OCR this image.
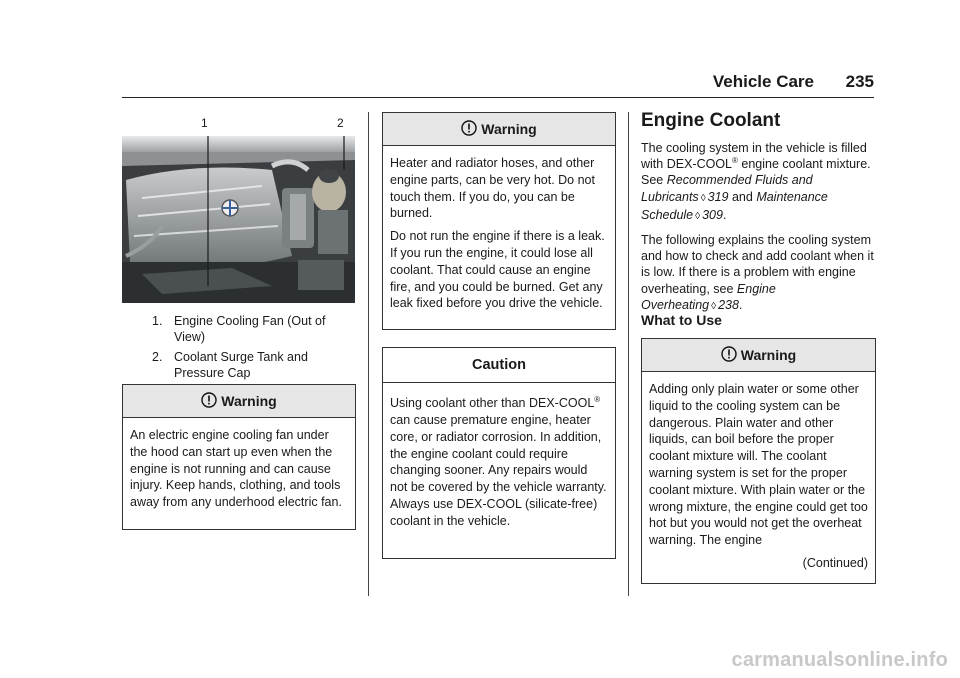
Vehicle Care 235
1	2
1. Engine Cooling Fan (Out of View)
2. Coolant Surge Tank and Pressure Cap
Warning

An electric engine cooling fan under the hood can start up even when the engine is not running and can cause injury. Keep hands, clothing, and tools away from any underhood electric fan.

Warning

Heater and radiator hoses, and other engine parts, can be very hot. Do not touch them. If you do, you can be burned.

Do not run the engine if there is a leak. If you run the engine, it could lose all coolant. That could cause an engine fire, and you could be burned. Get any leak fixed before you drive the vehicle.

Caution

Using coolant other than DEX-COOL® can cause premature engine, heater core, or radiator corrosion. In addition, the engine coolant could require changing sooner. Any repairs would not be covered by the vehicle warranty. Always use DEX-COOL (silicate-free) coolant in the vehicle.

Engine Coolant

The cooling system in the vehicle is filled with DEX-COOL® engine coolant mixture. See Recommended Fluids and Lubricants ◊ 319 and Maintenance Schedule ◊ 309.

The following explains the cooling system and how to check and add coolant when it is low. If there is a problem with engine overheating, see Engine Overheating ◊ 238.

What to Use
Warning

Adding only plain water or some other liquid to the cooling system can be dangerous. Plain water and other liquids, can boil before the proper coolant mixture will. The coolant warning system is set for the proper coolant mixture. With plain water or the wrong mixture, the engine could get too hot but you would not get the overheat warning. The engine

(Continued)
carmanualsonline.info
